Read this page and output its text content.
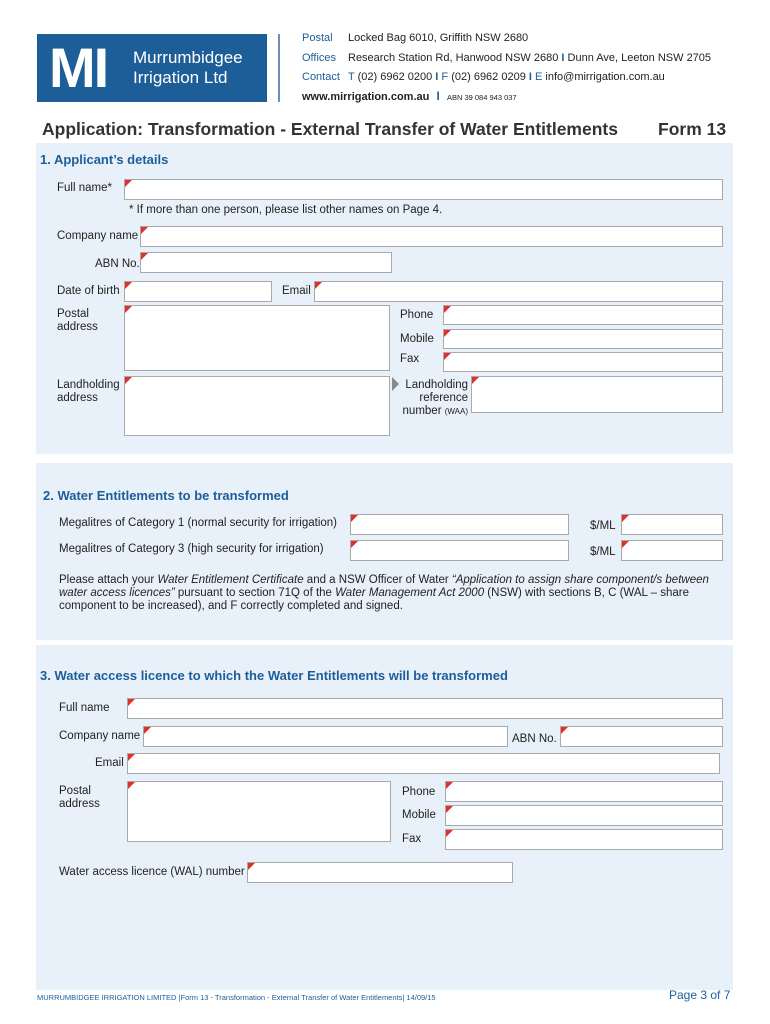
MI Murrumbidgee
Irrigation Ltd
Postal Locked Bag 6010, Griffith NSW 2680
Offices Research Station Rd, Hanwood NSW 2680 I Dunn Ave, Leeton NSW 2705
Contact T (02) 6962 0200 I F (02) 6962 0209 I E info@mirrigation.com.au
www.mirrigation.com.au I ABN 39 084 943 037
Application: Transformation - External Transfer of Water Entitlements Form 13
1. Applicant’s details
Full name*
* If more than one person, please list other names on Page 4.
Company name
ABN No.
Date of birth	Email
Postal
address
Phone
Mobile
Fax
Landholding
address
Landholding
reference
number (WAA)
2. Water Entitlements to be transformed
Megalitres of Category 1 (normal security for irrigation)	$/ML
Megalitres of Category 3 (high security for irrigation)	$/ML
Please attach your Water Entitlement Certificate and a NSW Officer of Water “Application to assign share component/s between
water access licences” pursuant to section 71Q of the Water Management Act 2000 (NSW) with sections B, C (WAL – share
component to be increased), and F correctly completed and signed.
3. Water access licence to which the Water Entitlements will be transformed
Full name
Company name	ABN No.
Email
Postal
address
Phone
Mobile
Fax
Water access licence (WAL) number
MURRUMBIDGEE IRRIGATION LIMITED |Form 13 - Transformation - External Transfer of Water Entitlements| 14/09/15	Page 3 of 7
